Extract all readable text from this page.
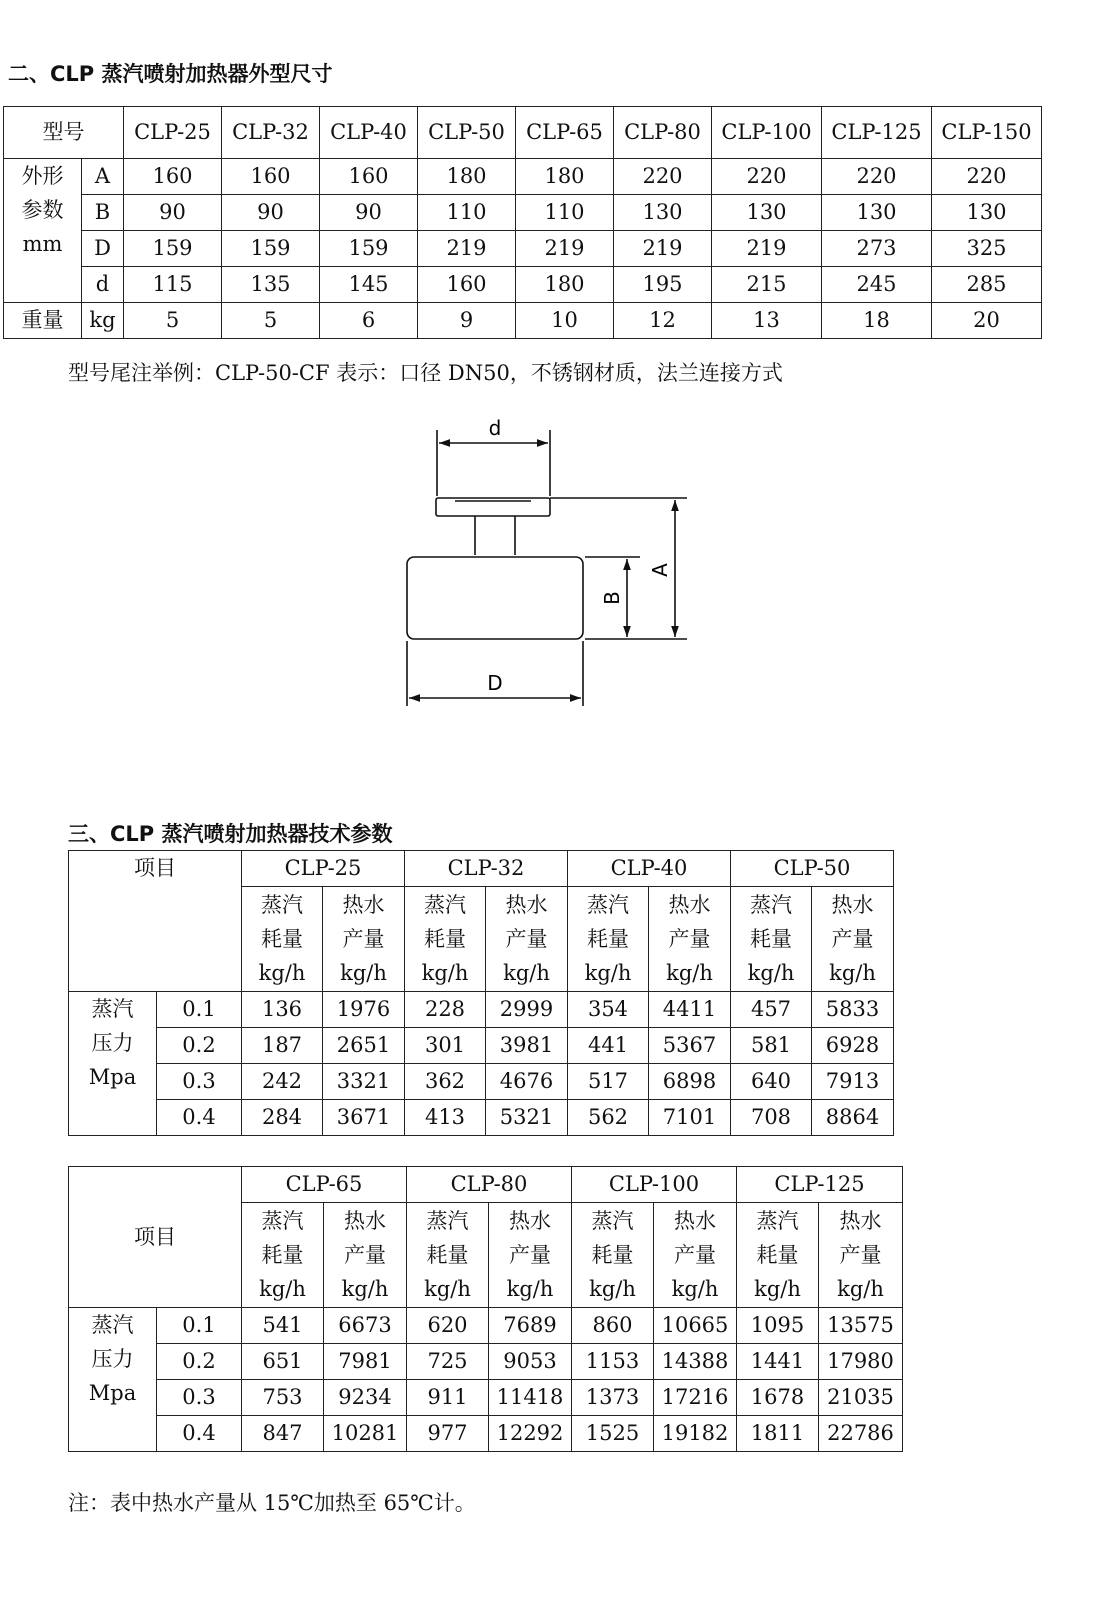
二、CLP 蒸汽喷射加热器外型尺寸
型号		CLP-25	CLP-32	CLP-40	CLP-50	CLP-65	CLP-80	CLP-100	CLP-125	CLP-150

外形
参数
mm	A	160	160	160	180	180	220	220	220	220
	B	90	90	90	110	110	130	130	130	130
	D	159	159	159	219	219	219	219	273	325
	d	115	135	145	160	180	195	215	245	285
重量	kg	5	5	6	9	10	12	13	18	20
型号尾注举例：CLP-50-CF 表示：口径 DN50，不锈钢材质，法兰连接方式
d
A
B
D
三、CLP 蒸汽喷射加热器技术参数
项目		CLP-25		CLP-32		CLP-40		CLP-50	

		蒸汽
耗量
kg/h	热水
产量
kg/h	蒸汽
耗量
kg/h	热水
产量
kg/h	蒸汽
耗量
kg/h	热水
产量
kg/h	蒸汽
耗量
kg/h	热水
产量
kg/h

蒸汽
压力
Mpa	0.1	136	1976	228	2999	354	4411	457	5833
	0.2	187	2651	301	3981	441	5367	581	6928
	0.3	242	3321	362	4676	517	6898	640	7913
	0.4	284	3671	413	5321	562	7101	708	8864
项目		CLP-65		CLP-80		CLP-100		CLP-125	

		蒸汽
耗量
kg/h	热水
产量
kg/h	蒸汽
耗量
kg/h	热水
产量
kg/h	蒸汽
耗量
kg/h	热水
产量
kg/h	蒸汽
耗量
kg/h	热水
产量
kg/h

蒸汽
压力
Mpa	0.1	541	6673	620	7689	860	10665	1095	13575
	0.2	651	7981	725	9053	1153	14388	1441	17980
	0.3	753	9234	911	11418	1373	17216	1678	21035
	0.4	847	10281	977	12292	1525	19182	1811	22786
注：表中热水产量从 15℃加热至 65℃计。
